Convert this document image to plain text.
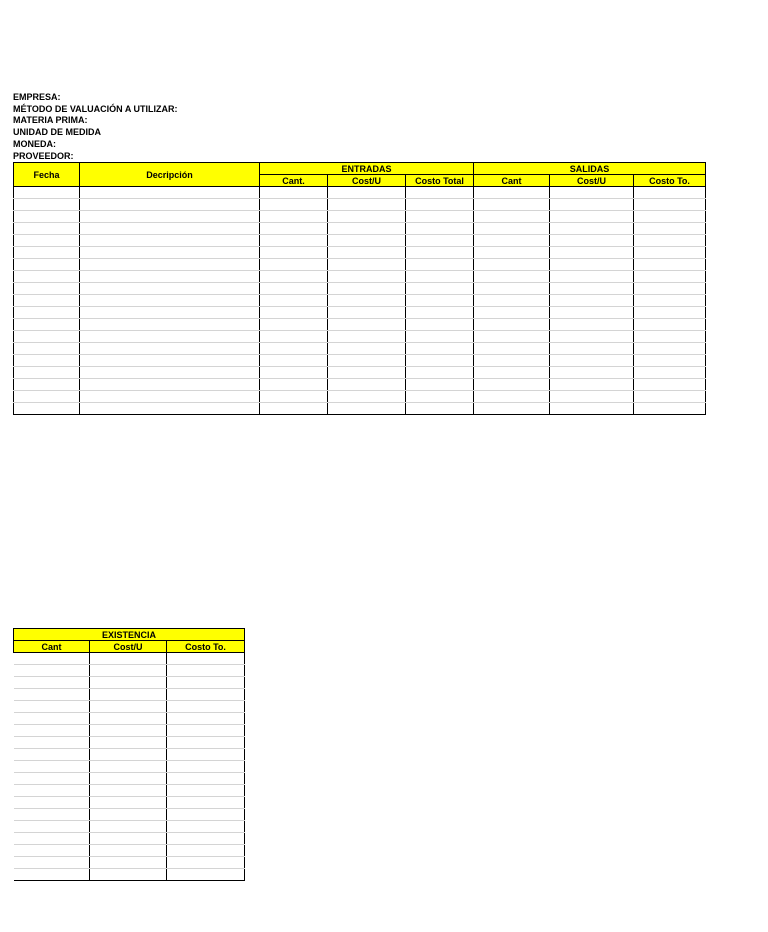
EMPRESA:
MÉTODO DE VALUACIÓN A UTILIZAR:
MATERIA PRIMA:
UNIDAD DE MEDIDA
MONEDA:
PROVEEDOR:
Fecha	Decripción	ENTRADAS			SALIDAS		
		Cant.	Cost/U	Costo Total	Cant	Cost/U	Costo To.

EXISTENCIA		
Cant	Cost/U	Costo To.
